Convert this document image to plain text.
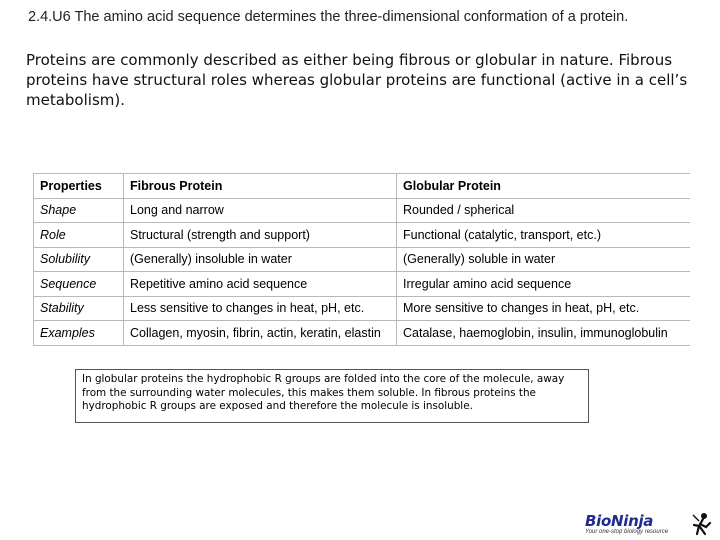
2.4.U6 The amino acid sequence determines the three-dimensional conformation of a protein.
Proteins are commonly described as either being fibrous or globular in nature. Fibrous proteins have structural roles whereas globular proteins are functional (active in a cell’s metabolism).
Properties	Fibrous Protein	Globular Protein
Shape	Long and narrow	Rounded / spherical
Role	Structural (strength and support)	Functional (catalytic, transport, etc.)
Solubility	(Generally) insoluble in water	(Generally) soluble in water
Sequence	Repetitive amino acid sequence	Irregular amino acid sequence
Stability	Less sensitive to changes in heat, pH, etc.	More sensitive to changes in heat, pH, etc.
Examples	Collagen, myosin, fibrin, actin, keratin, elastin	Catalase, haemoglobin, insulin, immunoglobulin
In globular proteins the hydrophobic R groups are folded into the core of the molecule, away from the surrounding water molecules, this makes them soluble. In fibrous proteins the hydrophobic R groups are exposed and therefore the molecule is insoluble.
BioNinja
Your one-stop biology resource
